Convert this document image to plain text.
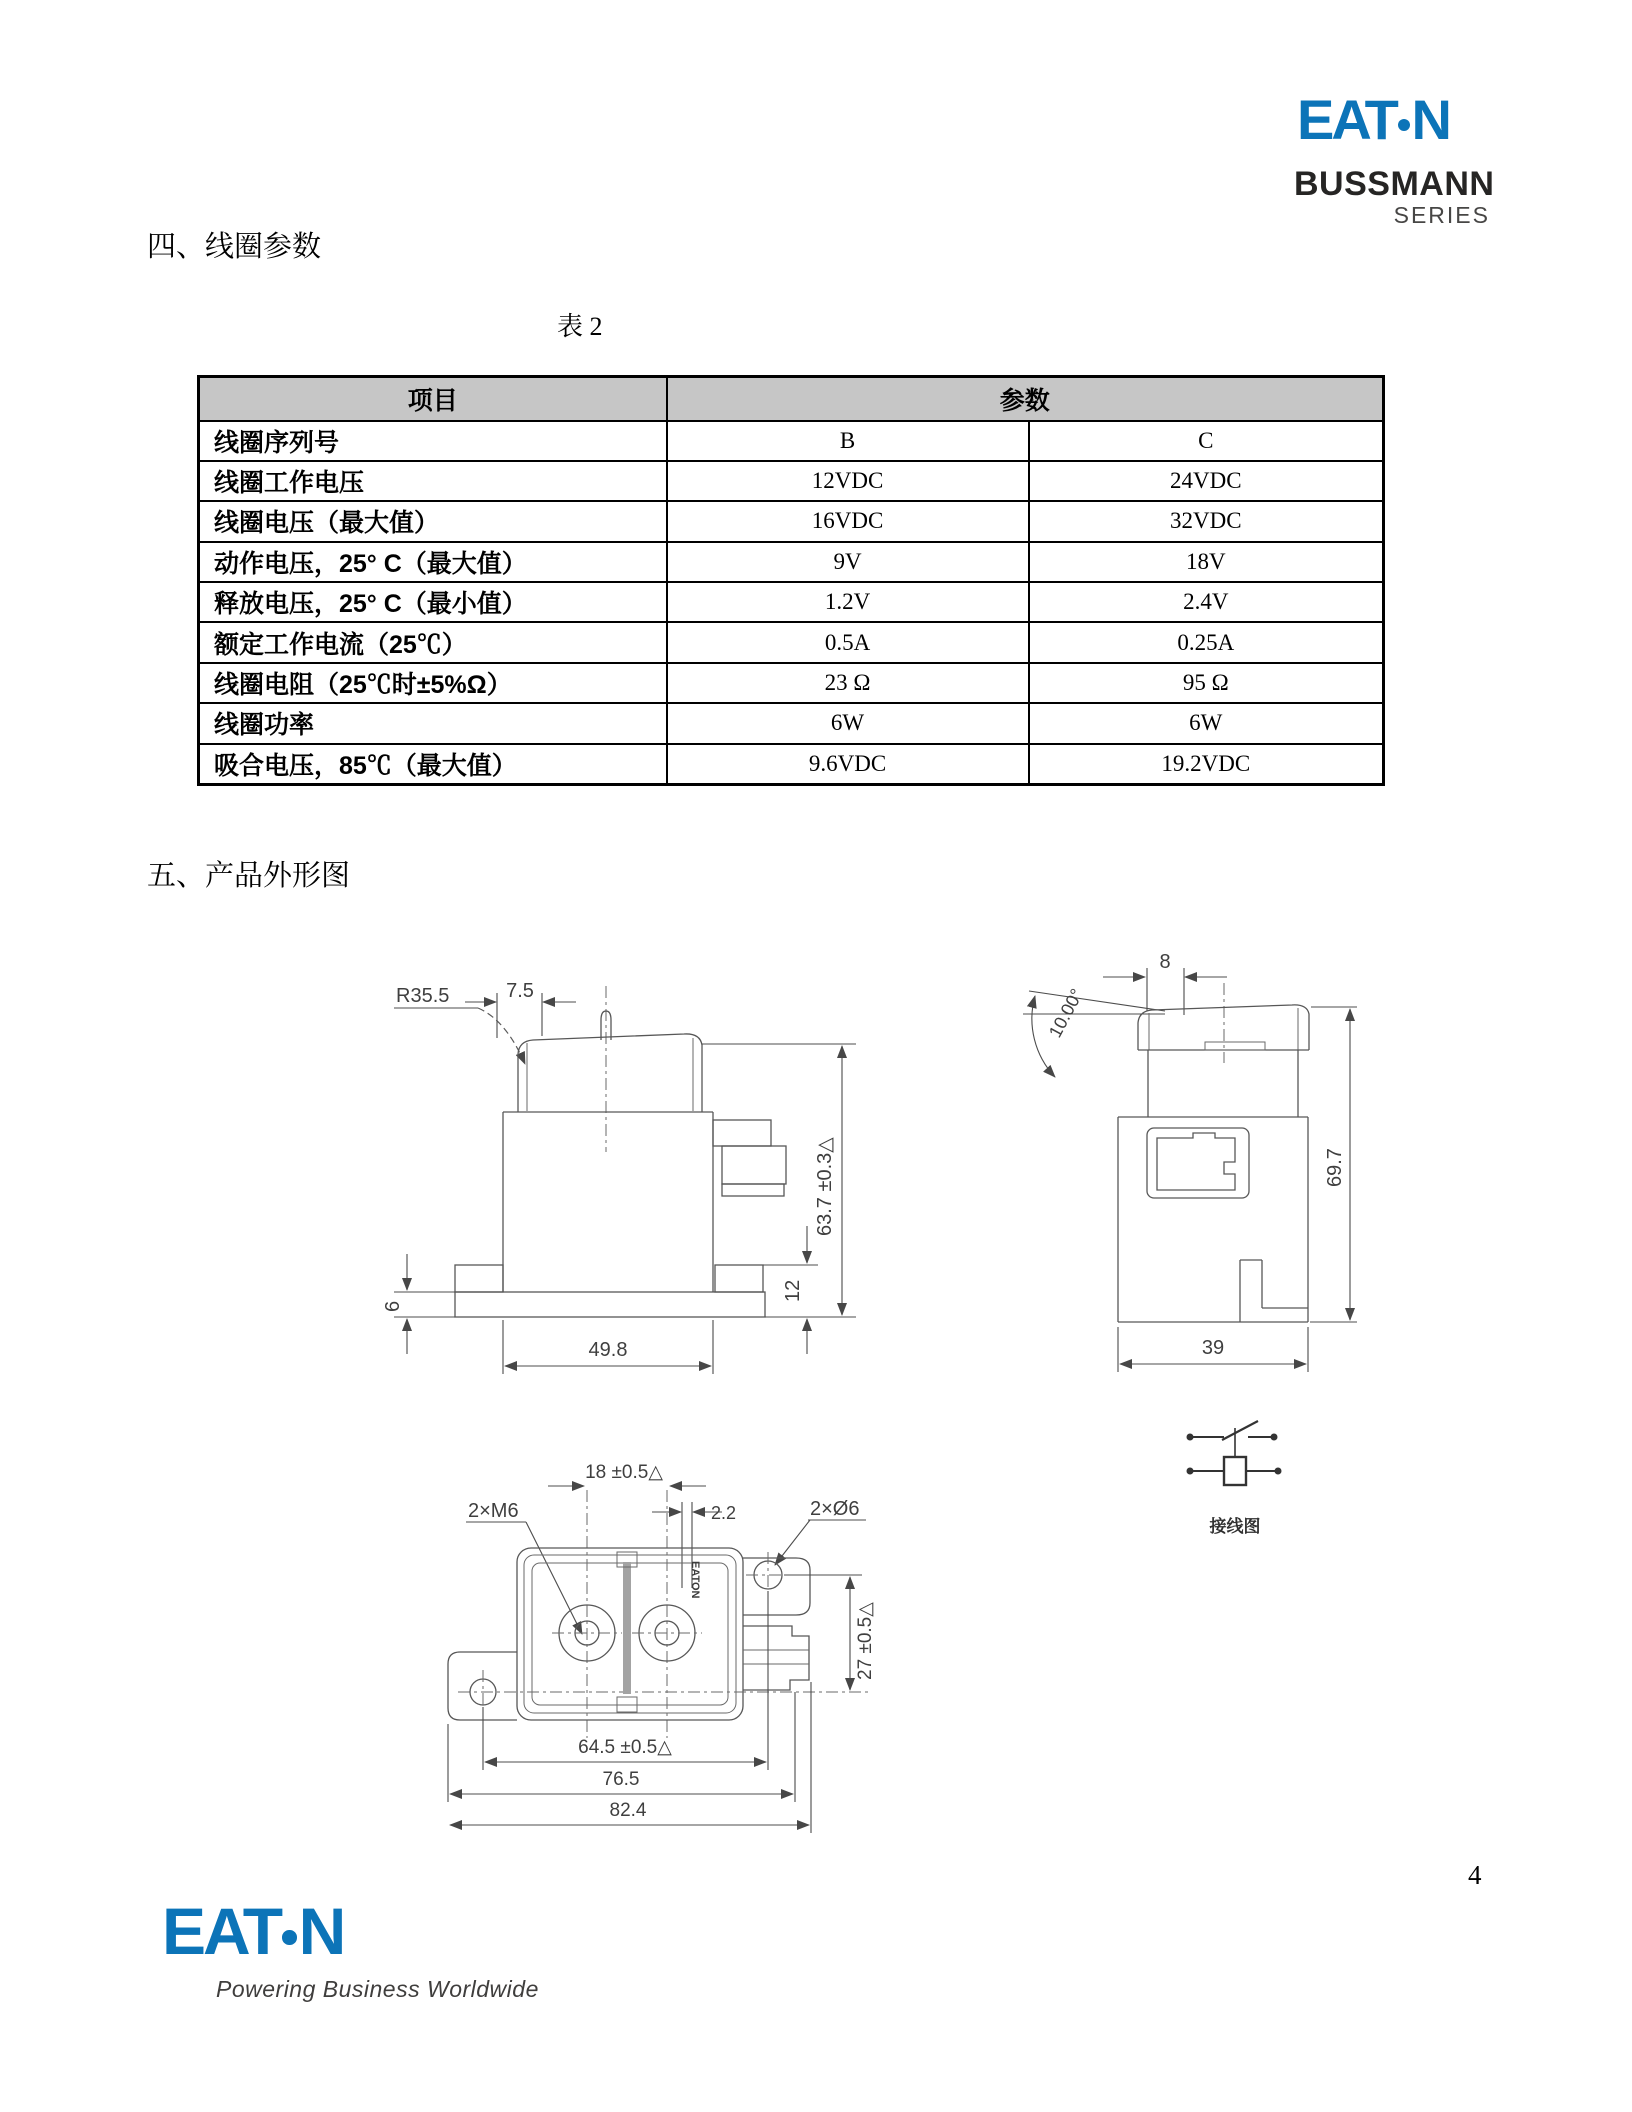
EAT N
BUSSMANN
SERIES
四、线圈参数
表 2
项目	参数	
线圈序列号	B	C
线圈工作电压	12VDC	24VDC
线圈电压（最大值）	16VDC	32VDC
动作电压，25° C（最大值）	9V	18V
释放电压，25° C（最小值）	1.2V	2.4V
额定工作电流（25℃）	0.5A	0.25A
线圈电阻（25℃时±5%Ω）	23 Ω	95 Ω
线圈功率	6W	6W
吸合电压，85℃（最大值）	9.6VDC	19.2VDC
五、产品外形图
R35.5	7.5
63.7 ±0.3△
12
6
49.8
8
10.00°
69.7
39
18 ±0.5△
2.2
2×M6	2×Ø6
EATON
27 ±0.5△
64.5 ±0.5△
76.5
82.4
接线图
4
EAT N
Powering Business Worldwide
